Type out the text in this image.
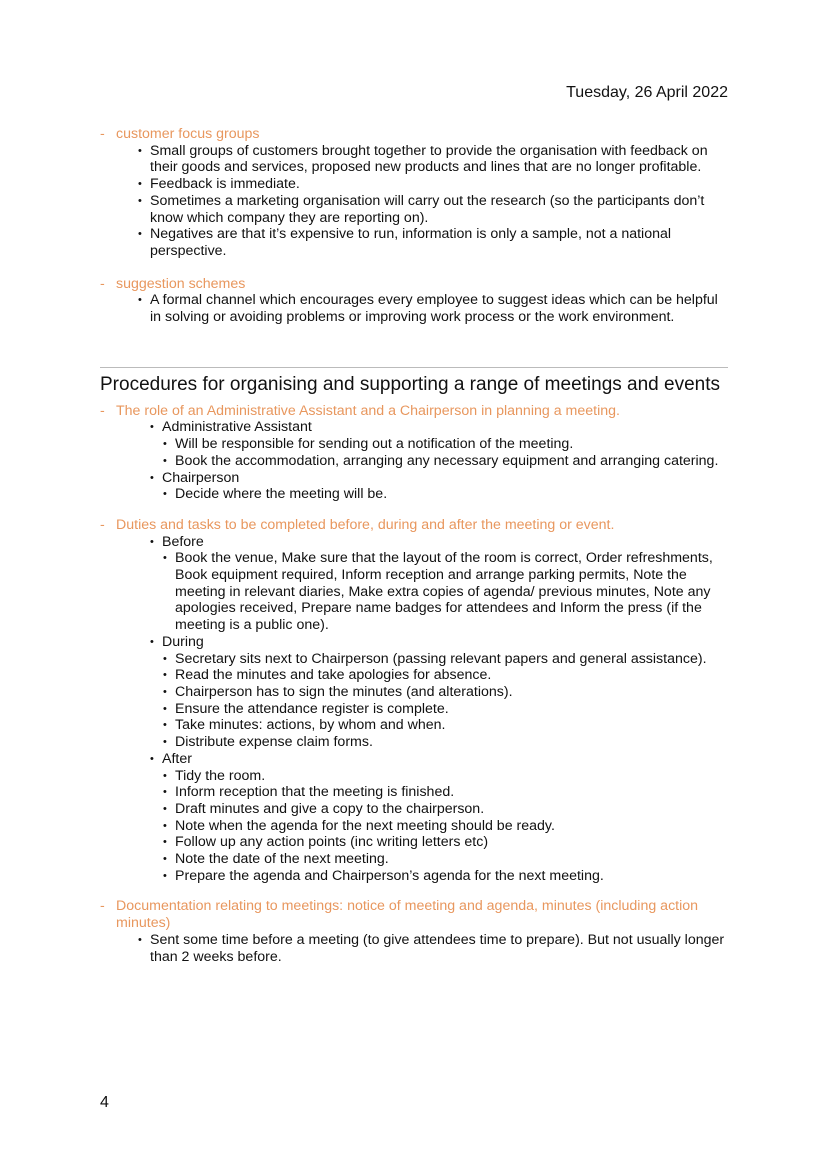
Tuesday, 26 April 2022
- customer focus groups
• Small groups of customers brought together to provide the organisation with feedback on their goods and services, proposed new products and lines that are no longer profitable.
• Feedback is immediate.
• Sometimes a marketing organisation will carry out the research (so the participants don’t know which company they are reporting on).
• Negatives are that it’s expensive to run, information is only a sample, not a national perspective.
- suggestion schemes
• A formal channel which encourages every employee to suggest ideas which can be helpful in solving or avoiding problems or improving work process or the work environment.
Procedures for organising and supporting a range of meetings and events
- The role of an Administrative Assistant and a Chairperson in planning a meeting.
• Administrative Assistant
• Will be responsible for sending out a notification of the meeting.
• Book the accommodation, arranging any necessary equipment and arranging catering.
• Chairperson
• Decide where the meeting will be.
- Duties and tasks to be completed before, during and after the meeting or event.
• Before
• Book the venue, Make sure that the layout of the room is correct, Order refreshments, Book equipment required, Inform reception and arrange parking permits, Note the meeting in relevant diaries, Make extra copies of agenda/ previous minutes, Note any apologies received, Prepare name badges for attendees and Inform the press (if the meeting is a public one).
• During
• Secretary sits next to Chairperson (passing relevant papers and general assistance).
• Read the minutes and take apologies for absence.
• Chairperson has to sign the minutes (and alterations).
• Ensure the attendance register is complete.
• Take minutes: actions, by whom and when.
• Distribute expense claim forms.
• After
• Tidy the room.
• Inform reception that the meeting is finished.
• Draft minutes and give a copy to the chairperson.
• Note when the agenda for the next meeting should be ready.
• Follow up any action points (inc writing letters etc)
• Note the date of the next meeting.
• Prepare the agenda and Chairperson’s agenda for the next meeting.
- Documentation relating to meetings: notice of meeting and agenda, minutes (including action minutes)
• Sent some time before a meeting (to give attendees time to prepare). But not usually longer than 2 weeks before.
4
